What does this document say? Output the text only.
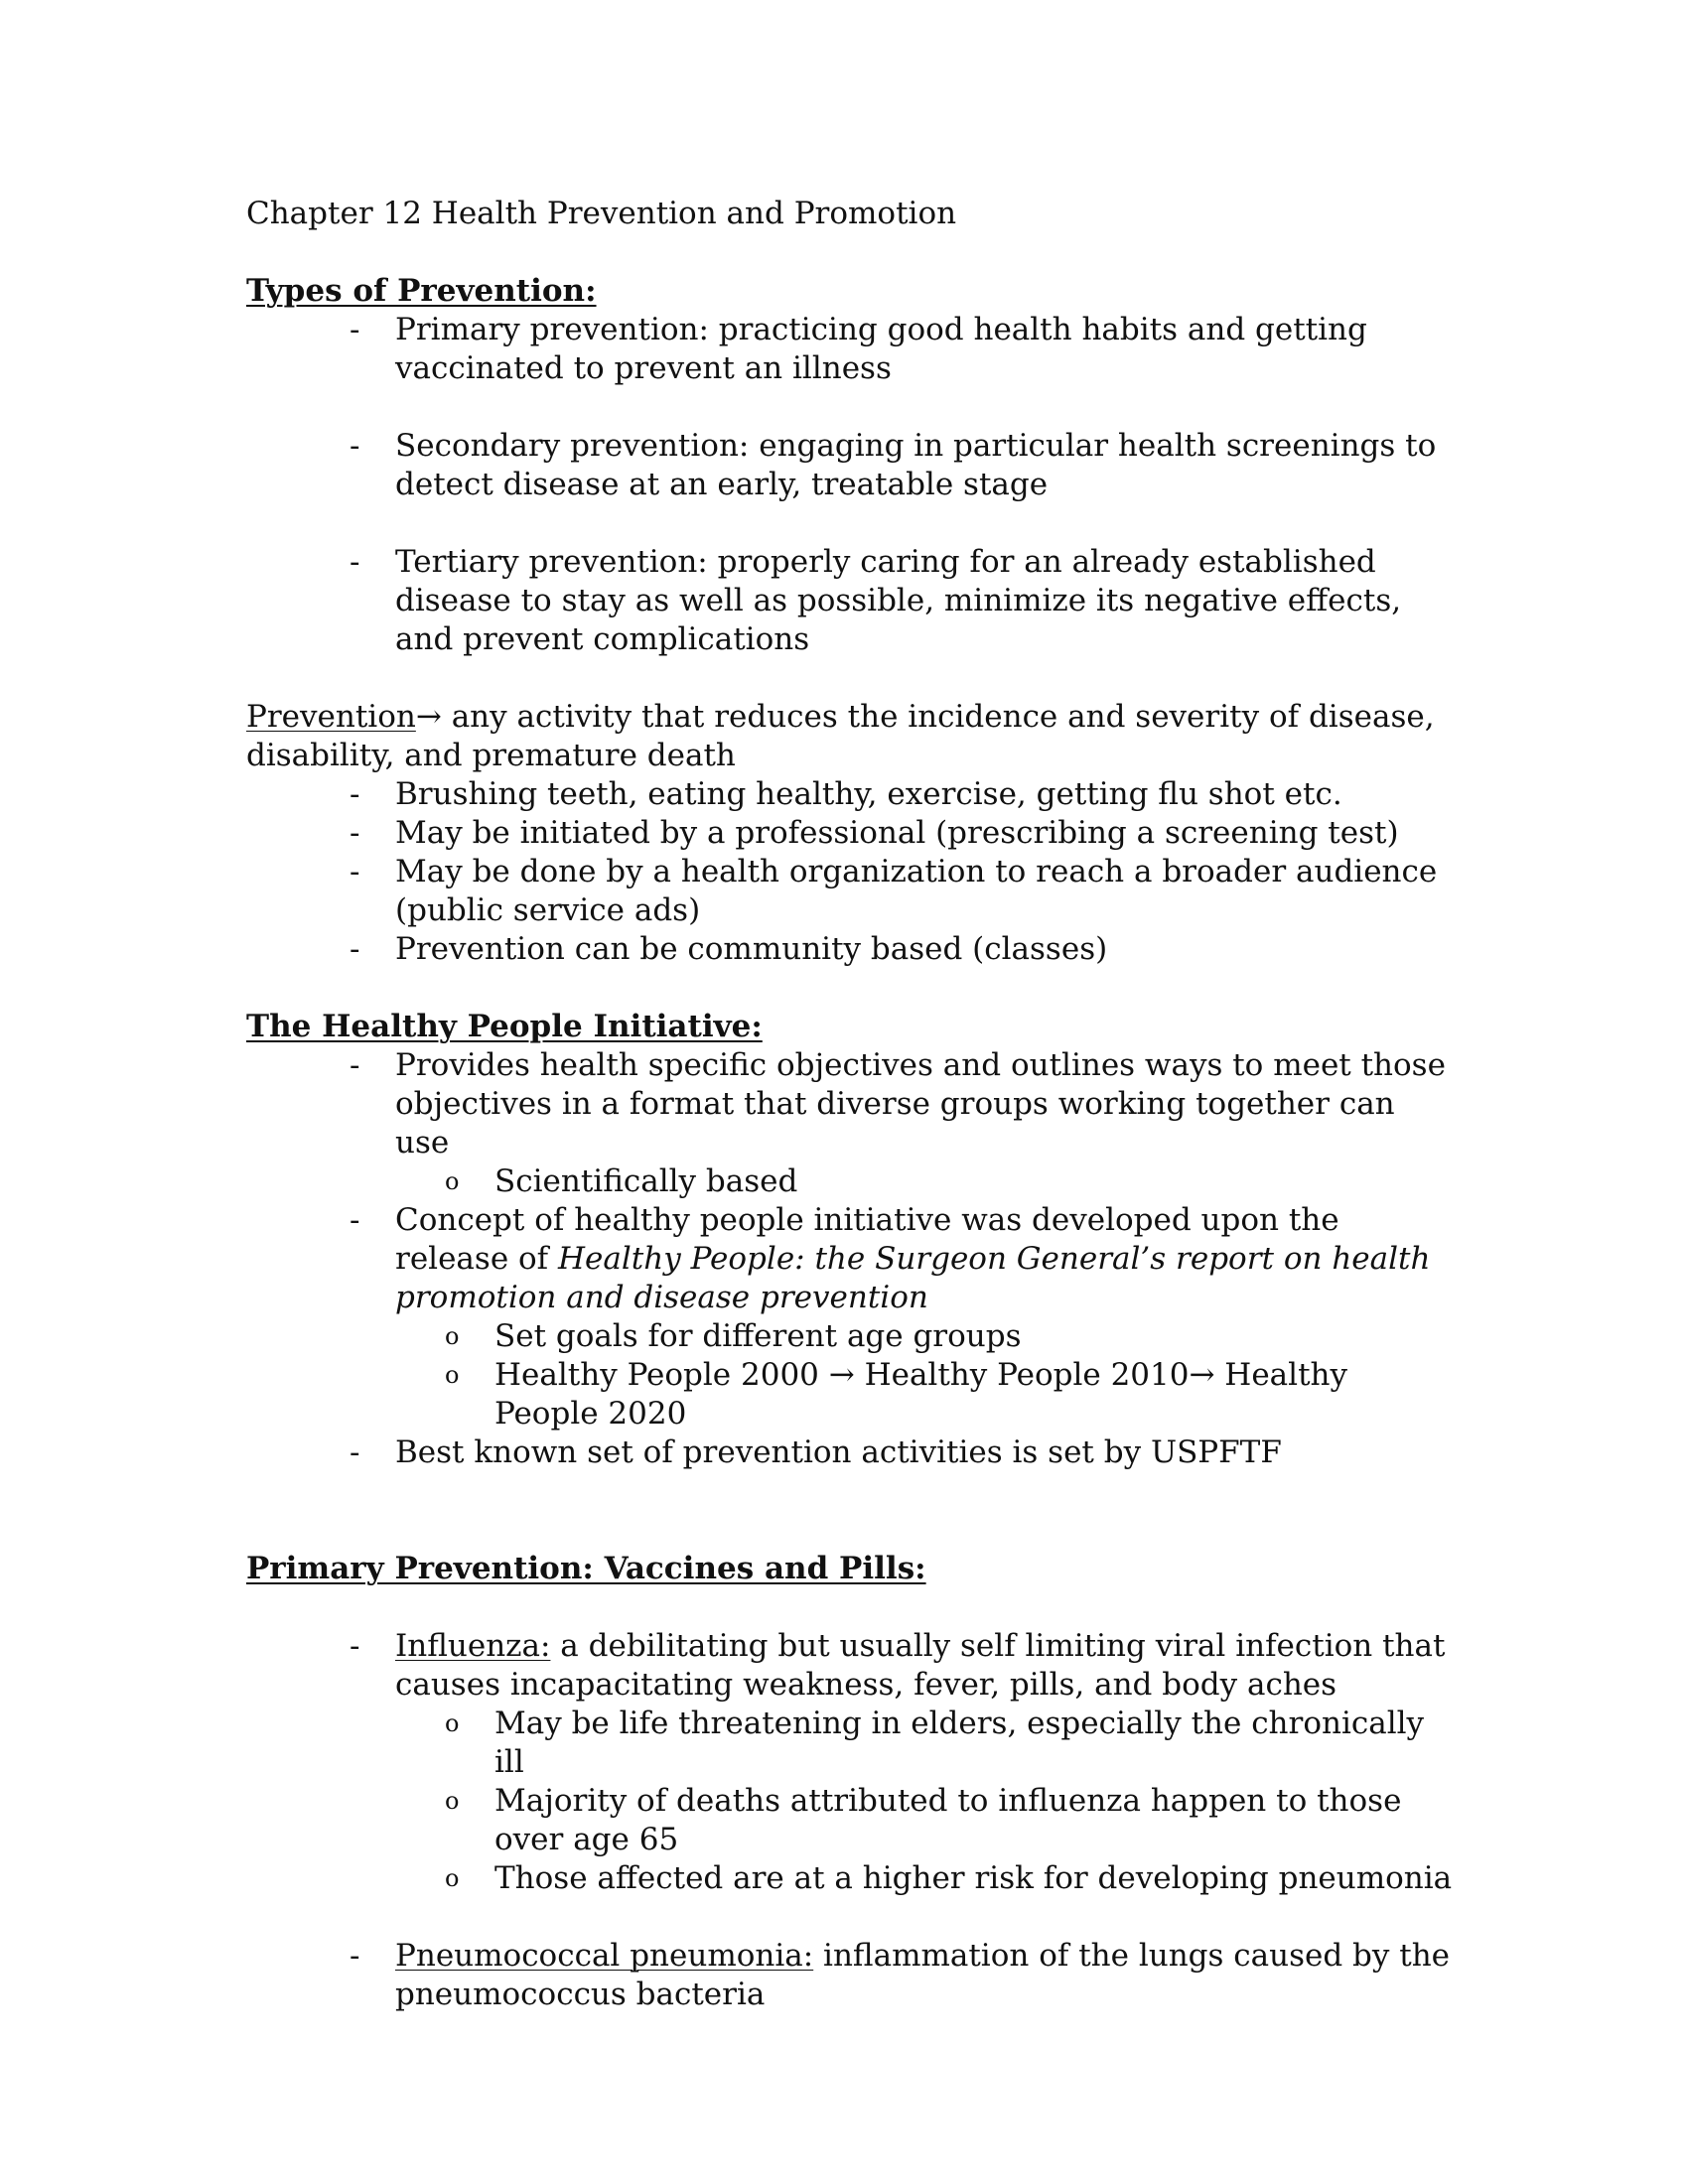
Chapter 12 Health Prevention and Promotion

Types of Prevention:

- Primary prevention: practicing good health habits and getting vaccinated to prevent an illness
- Secondary prevention: engaging in particular health screenings to detect disease at an early, treatable stage
- Tertiary prevention: properly caring for an already established disease to stay as well as possible, minimize its negative effects, and prevent complications

Prevention→ any activity that reduces the incidence and severity of disease, disability, and premature death

- Brushing teeth, eating healthy, exercise, getting flu shot etc.
- May be initiated by a professional (prescribing a screening test)
- May be done by a health organization to reach a broader audience (public service ads)
- Prevention can be community based (classes)

The Healthy People Initiative:

- Provides health specific objectives and outlines ways to meet those objectives in a format that diverse groups working together can use
o Scientifically based
- Concept of healthy people initiative was developed upon the release of Healthy People: the Surgeon General’s report on health promotion and disease prevention
o Set goals for different age groups
o Healthy People 2000 → Healthy People 2010→ Healthy People 2020
- Best known set of prevention activities is set by USPFTF

Primary Prevention: Vaccines and Pills:

- Influenza: a debilitating but usually self limiting viral infection that causes incapacitating weakness, fever, pills, and body aches
o May be life threatening in elders, especially the chronically ill
o Majority of deaths attributed to influenza happen to those over age 65
o Those affected are at a higher risk for developing pneumonia
- Pneumococcal pneumonia: inflammation of the lungs caused by the pneumococcus bacteria
